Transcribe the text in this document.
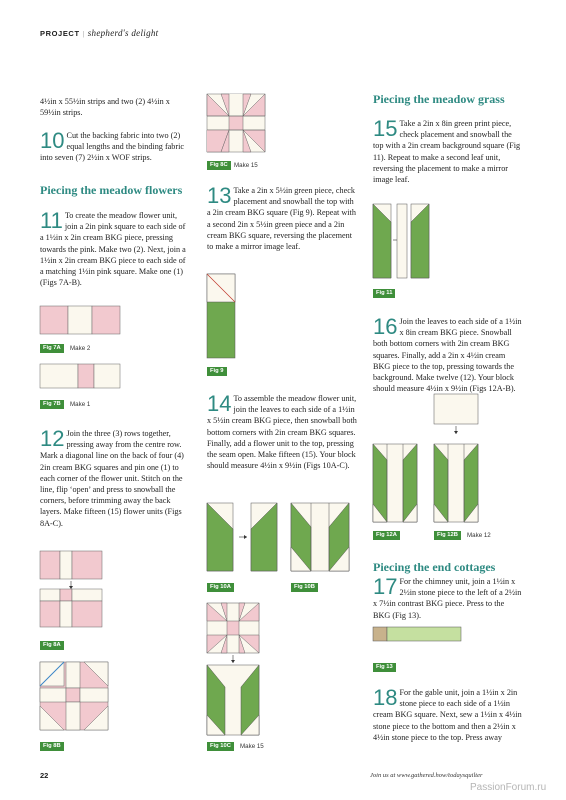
PROJECT | shepherd's delight
4½in x 55½in strips and two (2) 4½in x 59½in strips.
10 Cut the backing fabric into two (2) equal lengths and the binding fabric into seven (7) 2½in x WOF strips.
Piecing the meadow flowers
11 To create the meadow flower unit, join a 2in pink square to each side of a 1½in x 2in cream BKG piece, pressing towards the pink. Make two (2). Next, join a 1½in x 2in cream BKG piece to each side of a matching 1½in pink square. Make one (1) (Figs 7A-B).
Fig 7A	Make 2
Fig 7B	Make 1
12 Join the three (3) rows together, pressing away from the centre row. Mark a diagonal line on the back of four (4) 2in cream BKG squares and pin one (1) to each corner of the flower unit. Stitch on the line, flip ‘open’ and press to snowball the corners, before trimming away the back layers. Make fifteen (15) flower units (Figs 8A-C).
Fig 8A
Fig 8B
Fig 8C	Make 15
13 Take a 2in x 5½in green piece, check placement and snowball the top with a 2in cream BKG square (Fig 9). Repeat with a second 2in x 5½in green piece and a 2in cream BKG square, reversing the placement to make a mirror image leaf.
Fig 9
14 To assemble the meadow flower unit, join the leaves to each side of a 1½in x 5½in cream BKG piece, then snowball both bottom corners with 2in cream BKG squares. Finally, add a flower unit to the top, pressing the seam open. Make fifteen (15). Your block should measure 4½in x 9½in (Figs 10A-C).
Fig 10A	Fig 10B
Fig 10C	Make 15
Piecing the meadow grass
15 Take a 2in x 8in green print piece, check placement and snowball the top with a 2in cream background square (Fig 11). Repeat to make a second leaf unit, reversing the placement to make a mirror image leaf.
Fig 11
16 Join the leaves to each side of a 1½in x 8in cream BKG piece. Snowball both bottom corners with 2in cream BKG squares. Finally, add a 2in x 4½in cream BKG piece to the top, pressing towards the background. Make twelve (12). Your block should measure 4½in x 9½in (Figs 12A-B).
Fig 12A	Fig 12B	Make 12
Piecing the end cottages
17 For the chimney unit, join a 1½in x 2½in stone piece to the left of a 2½in x 7½in contrast BKG piece. Press to the BKG (Fig 13).
Fig 13
18 For the gable unit, join a 1½in x 2in stone piece to each side of a 1½in cream BKG square. Next, sew a 1½in x 4½in stone piece to the bottom and then a 2½in x 4½in stone piece to the top. Press away
22	Join us at www.gathered.how/todaysquilter
PassionForum.ru
